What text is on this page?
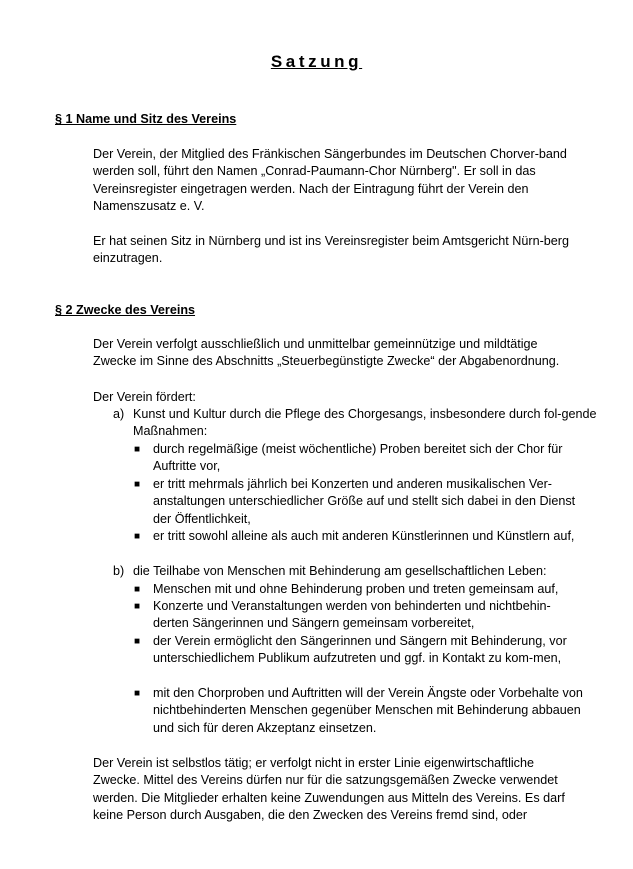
Satzung
§ 1 Name und Sitz des Vereins

Der Verein, der Mitglied des Fränkischen Sängerbundes im Deutschen Chorver-band werden soll, führt den Namen „Conrad-Paumann-Chor Nürnberg". Er soll in das Vereinsregister eingetragen werden. Nach der Eintragung führt der Verein den Namenszusatz e. V.

Er hat seinen Sitz in Nürnberg und ist ins Vereinsregister beim Amtsgericht Nürn-berg einzutragen.

§ 2 Zwecke des Vereins

Der Verein verfolgt ausschließlich und unmittelbar gemeinnützige und mildtätige Zwecke im Sinne des Abschnitts „Steuerbegünstigte Zwecke“ der Abgabenordnung.

Der Verein fördert:

a) Kunst und Kultur durch die Pflege des Chorgesangs, insbesondere durch fol-gende Maßnahmen:
■ durch regelmäßige (meist wöchentliche) Proben bereitet sich der Chor für Auftritte vor,
■ er tritt mehrmals jährlich bei Konzerten und anderen musikalischen Ver-anstaltungen unterschiedlicher Größe auf und stellt sich dabei in den Dienst der Öffentlichkeit,
■ er tritt sowohl alleine als auch mit anderen Künstlerinnen und Künstlern auf,
b) die Teilhabe von Menschen mit Behinderung am gesellschaftlichen Leben:
■ Menschen mit und ohne Behinderung proben und treten gemeinsam auf,
■ Konzerte und Veranstaltungen werden von behinderten und nichtbehin-derten Sängerinnen und Sängern gemeinsam vorbereitet,
■ der Verein ermöglicht den Sängerinnen und Sängern mit Behinderung, vor unterschiedlichem Publikum aufzutreten und ggf. in Kontakt zu kom-men,
■ mit den Chorproben und Auftritten will der Verein Ängste oder Vorbehalte von nichtbehinderten Menschen gegenüber Menschen mit Behinderung abbauen und sich für deren Akzeptanz einsetzen.

Der Verein ist selbstlos tätig; er verfolgt nicht in erster Linie eigenwirtschaftliche Zwecke. Mittel des Vereins dürfen nur für die satzungsgemäßen Zwecke verwendet werden. Die Mitglieder erhalten keine Zuwendungen aus Mitteln des Vereins. Es darf keine Person durch Ausgaben, die den Zwecken des Vereins fremd sind, oder
